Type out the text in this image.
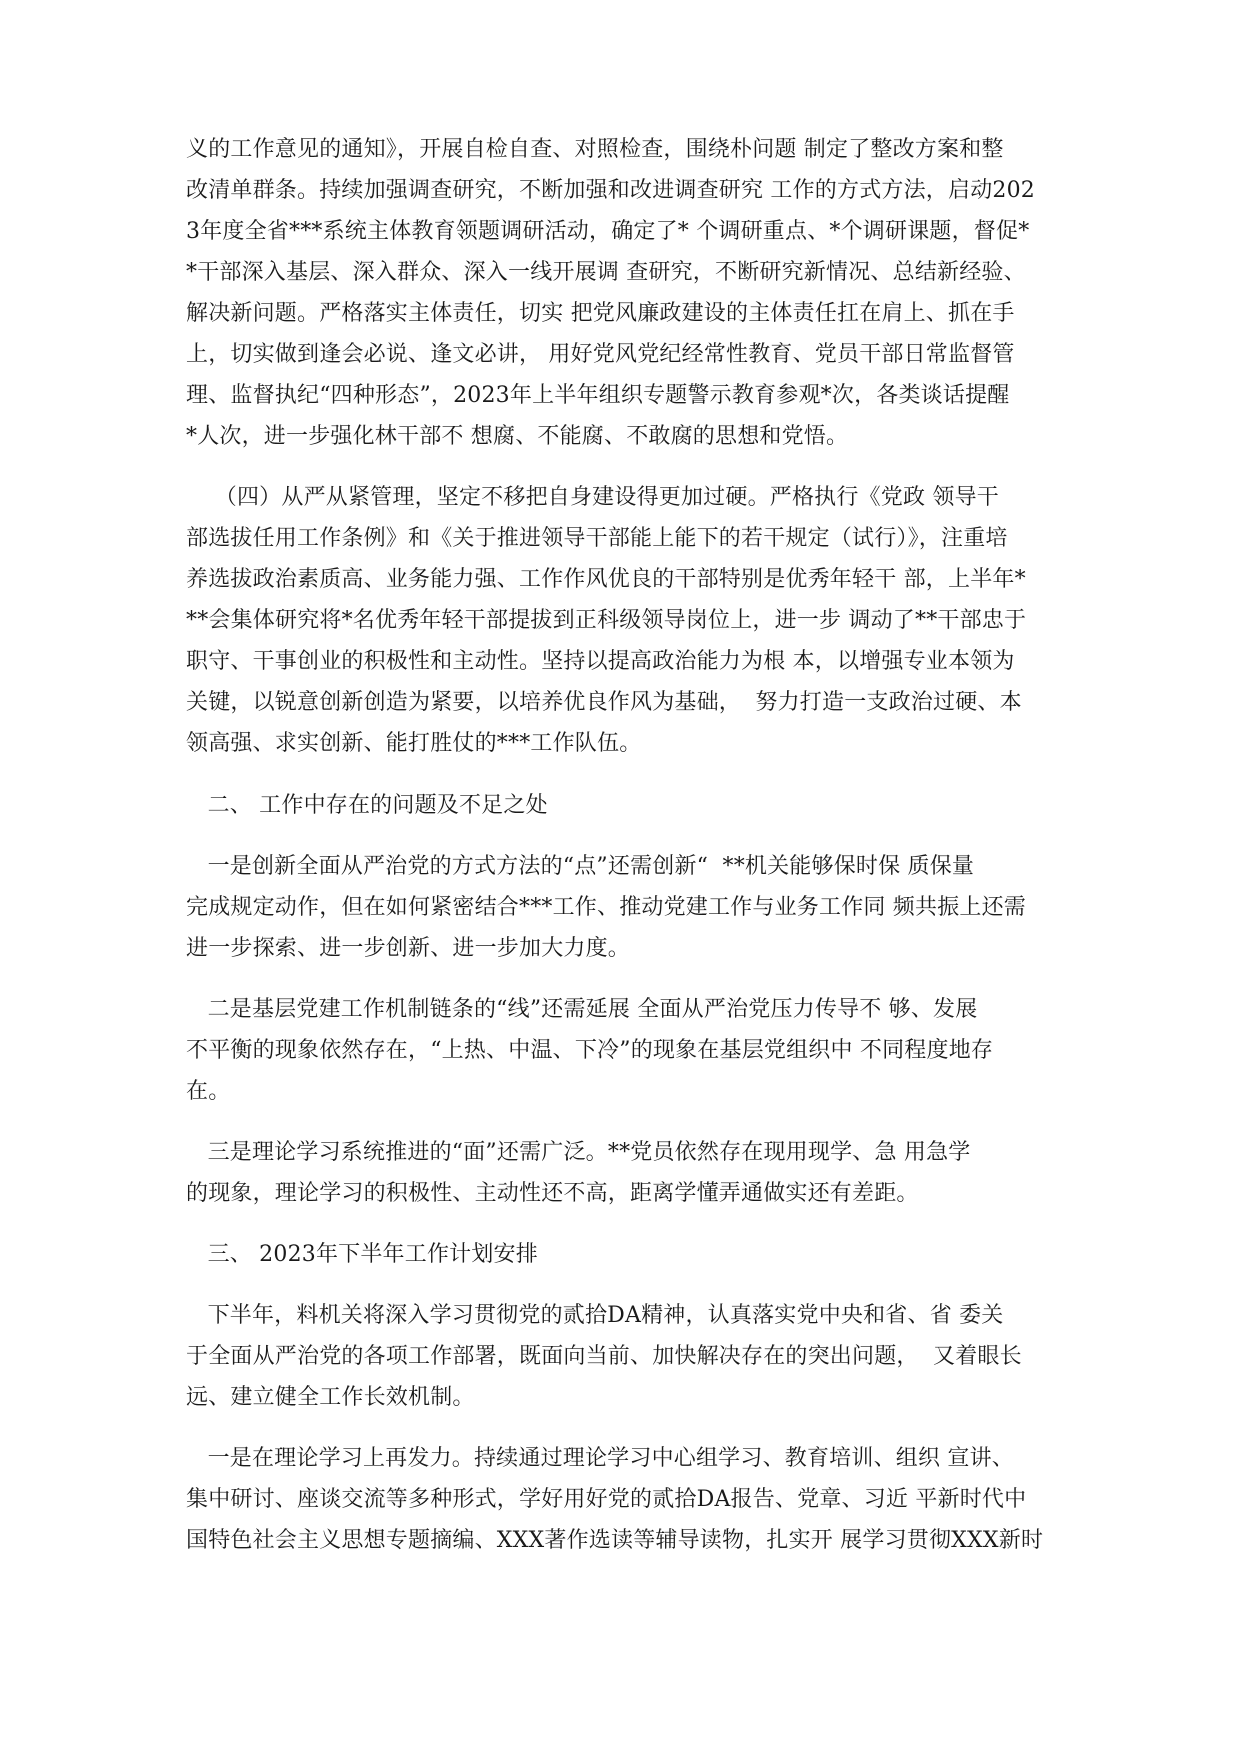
义的工作意见的通知》，开展自检自查、对照检查，围绕朴问题 制定了整改方案和整
改清单群条。持续加强调查研究，不断加强和改进调查研究 工作的方式方法，启动202
3年度全省***系统主体教育领题调研活动，确定了* 个调研重点、*个调研课题，督促*
*干部深入基层、深入群众、深入一线开展调 查研究，不断研究新情况、总结新经验、
解决新问题。严格落实主体责任，切实 把党风廉政建设的主体责任扛在肩上、抓在手
上，切实做到逢会必说、逢文必讲， 用好党风党纪经常性教育、党员干部日常监督管
理、监督执纪“四种形态”，2023年上半年组织专题警示教育参观*次，各类谈话提醒
*人次，进一步强化林干部不 想腐、不能腐、不敢腐的思想和党悟。
（四）从严从紧管理，坚定不移把自身建设得更加过硬。严格执行《党政 领导干
部选拔任用工作条例》和《关于推进领导干部能上能下的若干规定（试行）》，注重培
养选拔政治素质高、业务能力强、工作作风优良的干部特别是优秀年轻干 部，上半年*
**会集体研究将*名优秀年轻干部提拔到正科级领导岗位上，进一步 调动了**干部忠于
职守、干事创业的积极性和主动性。坚持以提高政治能力为根 本，以增强专业本领为
关键，以锐意创新创造为紧要，以培养优良作风为基础，  努力打造一支政治过硬、本
领高强、求实创新、能打胜仗的***工作队伍。
二、 工作中存在的问题及不足之处
一是创新全面从严治党的方式方法的“点”还需创新“  **机关能够保时保 质保量
完成规定动作，但在如何紧密结合***工作、推动党建工作与业务工作同 频共振上还需
进一步探索、进一步创新、进一步加大力度。
二是基层党建工作机制链条的“线”还需延展 全面从严治党压力传导不 够、发展
不平衡的现象依然存在，“上热、中温、下冷”的现象在基层党组织中 不同程度地存
在。
三是理论学习系统推进的“面”还需广泛。**党员依然存在现用现学、急 用急学
的现象，理论学习的积极性、主动性还不高，距离学懂弄通做实还有差距。
三、 2023年下半年工作计划安排
下半年，料机关将深入学习贯彻党的贰拾DA精神，认真落实党中央和省、省 委关
于全面从严治党的各项工作部署，既面向当前、加快解决存在的突出问题，  又着眼长
远、建立健全工作长效机制。
一是在理论学习上再发力。持续通过理论学习中心组学习、教育培训、组织 宣讲、
集中研讨、座谈交流等多种形式，学好用好党的贰拾DA报告、党章、习近 平新时代中
国特色社会主义思想专题摘编、XXX著作选读等辅导读物，扎实开 展学习贯彻XXX新时
